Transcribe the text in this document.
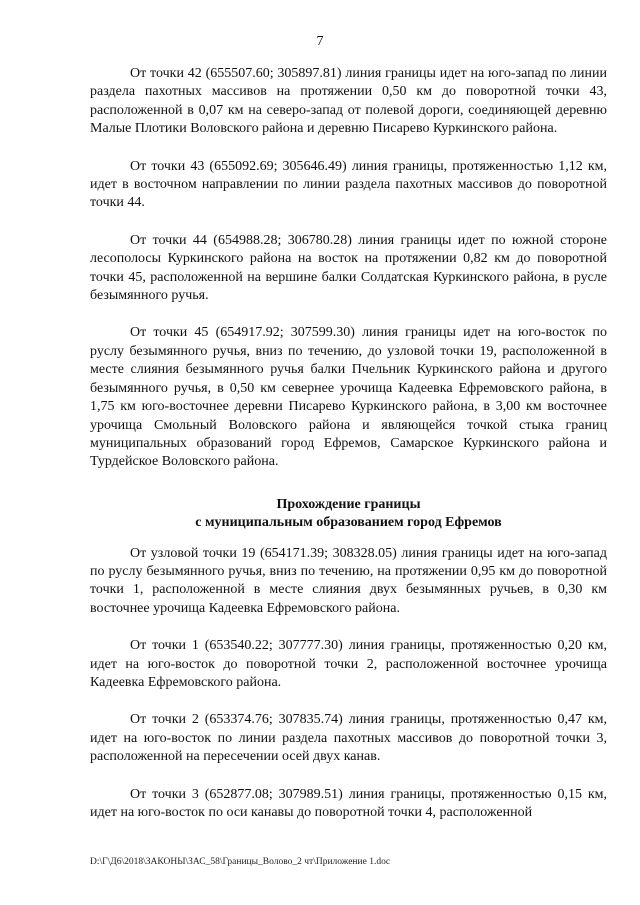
7

От точки 42 (655507.60; 305897.81) линия границы идет на юго-запад по линии раздела пахотных массивов на протяжении 0,50 км до поворотной точки 43, расположенной в 0,07 км на северо-запад от полевой дороги, соединяющей деревню Малые Плотики Воловского района и деревню Писарево Куркинского района.

От точки 43 (655092.69; 305646.49) линия границы, протяженностью 1,12 км, идет в восточном направлении по линии раздела пахотных массивов до поворотной точки 44.

От точки 44 (654988.28; 306780.28) линия границы идет по южной стороне лесополосы Куркинского района на восток на протяжении 0,82 км до поворотной точки 45, расположенной на вершине балки Солдатская Куркинского района, в русле безымянного ручья.

От точки 45 (654917.92; 307599.30) линия границы идет на юго-восток по руслу безымянного ручья, вниз по течению, до узловой точки 19, расположенной в месте слияния безымянного ручья балки Пчельник Куркинского района и другого безымянного ручья, в 0,50 км севернее урочища Кадеевка Ефремовского района, в 1,75 км юго-восточнее деревни Писарево Куркинского района, в 3,00 км восточнее урочища Смольный Воловского района и являющейся точкой стыка границ муниципальных образований город Ефремов, Самарское Куркинского района и Турдейское Воловского района.

Прохождение границы
с муниципальным образованием город Ефремов

От узловой точки 19 (654171.39; 308328.05) линия границы идет на юго-запад по руслу безымянного ручья, вниз по течению, на протяжении 0,95 км до поворотной точки 1, расположенной в месте слияния двух безымянных ручьев, в 0,30 км восточнее урочища Кадеевка Ефремовского района.

От точки 1 (653540.22; 307777.30) линия границы, протяженностью 0,20 км, идет на юго-восток до поворотной точки 2, расположенной восточнее урочища Кадеевка Ефремовского района.

От точки 2 (653374.76; 307835.74) линия границы, протяженностью 0,47 км, идет на юго-восток по линии раздела пахотных массивов до поворотной точки 3, расположенной на пересечении осей двух канав.

От точки 3 (652877.08; 307989.51) линия границы, протяженностью 0,15 км, идет на юго-восток по оси канавы до поворотной точки 4, расположенной

D:\Г\Д6\2018\ЗАКОНЫ\ЗАС_58\Границы_Волово_2 чт\Приложение 1.doc
